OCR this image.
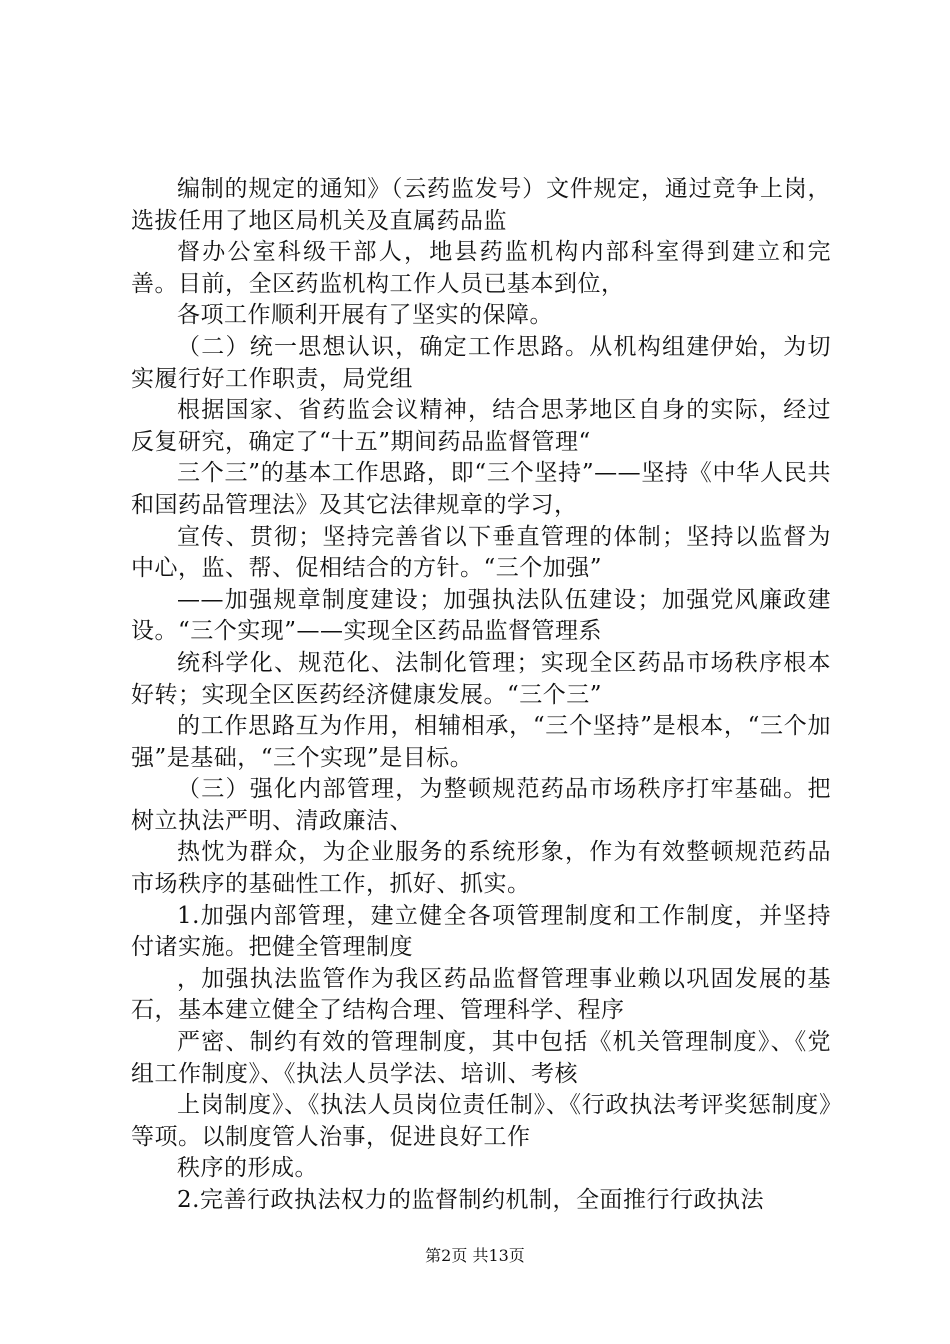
编制的规定的通知》（云药监发号）文件规定，通过竞争上岗，选拔任用了地区局机关及直属药品监

督办公室科级干部人，地县药监机构内部科室得到建立和完善。目前，全区药监机构工作人员已基本到位，

各项工作顺利开展有了坚实的保障。

（二）统一思想认识，确定工作思路。从机构组建伊始，为切实履行好工作职责，局党组

根据国家、省药监会议精神，结合思茅地区自身的实际，经过反复研究，确定了“十五”期间药品监督管理“

三个三”的基本工作思路，即“三个坚持”——坚持《中华人民共和国药品管理法》及其它法律规章的学习，

宣传、贯彻；坚持完善省以下垂直管理的体制；坚持以监督为中心，监、帮、促相结合的方针。“三个加强”

——加强规章制度建设；加强执法队伍建设；加强党风廉政建设。“三个实现”——实现全区药品监督管理系

统科学化、规范化、法制化管理；实现全区药品市场秩序根本好转；实现全区医药经济健康发展。“三个三”

的工作思路互为作用，相辅相承，“三个坚持”是根本，“三个加强”是基础，“三个实现”是目标。

（三）强化内部管理，为整顿规范药品市场秩序打牢基础。把树立执法严明、清政廉洁、

热忱为群众，为企业服务的系统形象，作为有效整顿规范药品市场秩序的基础性工作，抓好、抓实。

1.加强内部管理，建立健全各项管理制度和工作制度，并坚持付诸实施。把健全管理制度

，加强执法监管作为我区药品监督管理事业赖以巩固发展的基石，基本建立健全了结构合理、管理科学、程序

严密、制约有效的管理制度，其中包括《机关管理制度》、《党组工作制度》、《执法人员学法、培训、考核

上岗制度》、《执法人员岗位责任制》、《行政执法考评奖惩制度》等项。以制度管人治事，促进良好工作

秩序的形成。

2.完善行政执法权力的监督制约机制，全面推行行政执法

第2页 共13页
